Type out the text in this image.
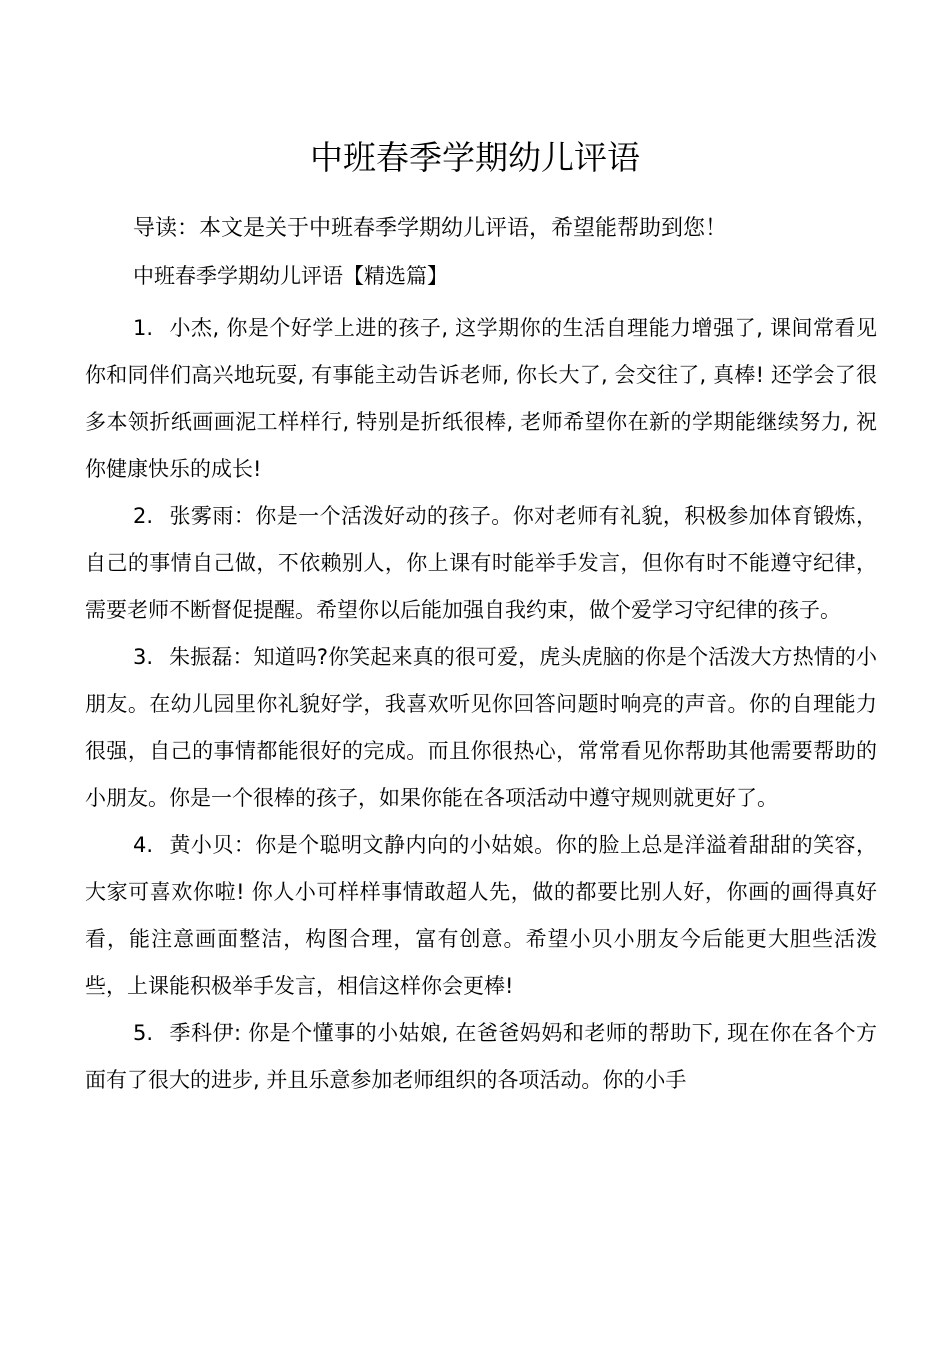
中班春季学期幼儿评语

导读：本文是关于中班春季学期幼儿评语，希望能帮助到您！

中班春季学期幼儿评语【精选篇】

1. 小杰, 你是个好学上进的孩子, 这学期你的生活自理能力增强了, 课间常看见你和同伴们高兴地玩耍, 有事能主动告诉老师, 你长大了, 会交往了, 真棒! 还学会了很多本领折纸画画泥工样样行, 特别是折纸很棒, 老师希望你在新的学期能继续努力, 祝你健康快乐的成长!

2. 张雾雨：你是一个活泼好动的孩子。你对老师有礼貌，积极参加体育锻炼，自己的事情自己做，不依赖别人，你上课有时能举手发言，但你有时不能遵守纪律，需要老师不断督促提醒。希望你以后能加强自我约束，做个爱学习守纪律的孩子。

3. 朱振磊：知道吗?你笑起来真的很可爱，虎头虎脑的你是个活泼大方热情的小朋友。在幼儿园里你礼貌好学，我喜欢听见你回答问题时响亮的声音。你的自理能力很强，自己的事情都能很好的完成。而且你很热心，常常看见你帮助其他需要帮助的小朋友。你是一个很棒的孩子，如果你能在各项活动中遵守规则就更好了。

4. 黄小贝：你是个聪明文静内向的小姑娘。你的脸上总是洋溢着甜甜的笑容，大家可喜欢你啦! 你人小可样样事情敢超人先，做的都要比别人好，你画的画得真好看，能注意画面整洁，构图合理，富有创意。希望小贝小朋友今后能更大胆些活泼些，上课能积极举手发言，相信这样你会更棒!

5. 季科伊: 你是个懂事的小姑娘, 在爸爸妈妈和老师的帮助下, 现在你在各个方面有了很大的进步, 并且乐意参加老师组织的各项活动。你的小手
